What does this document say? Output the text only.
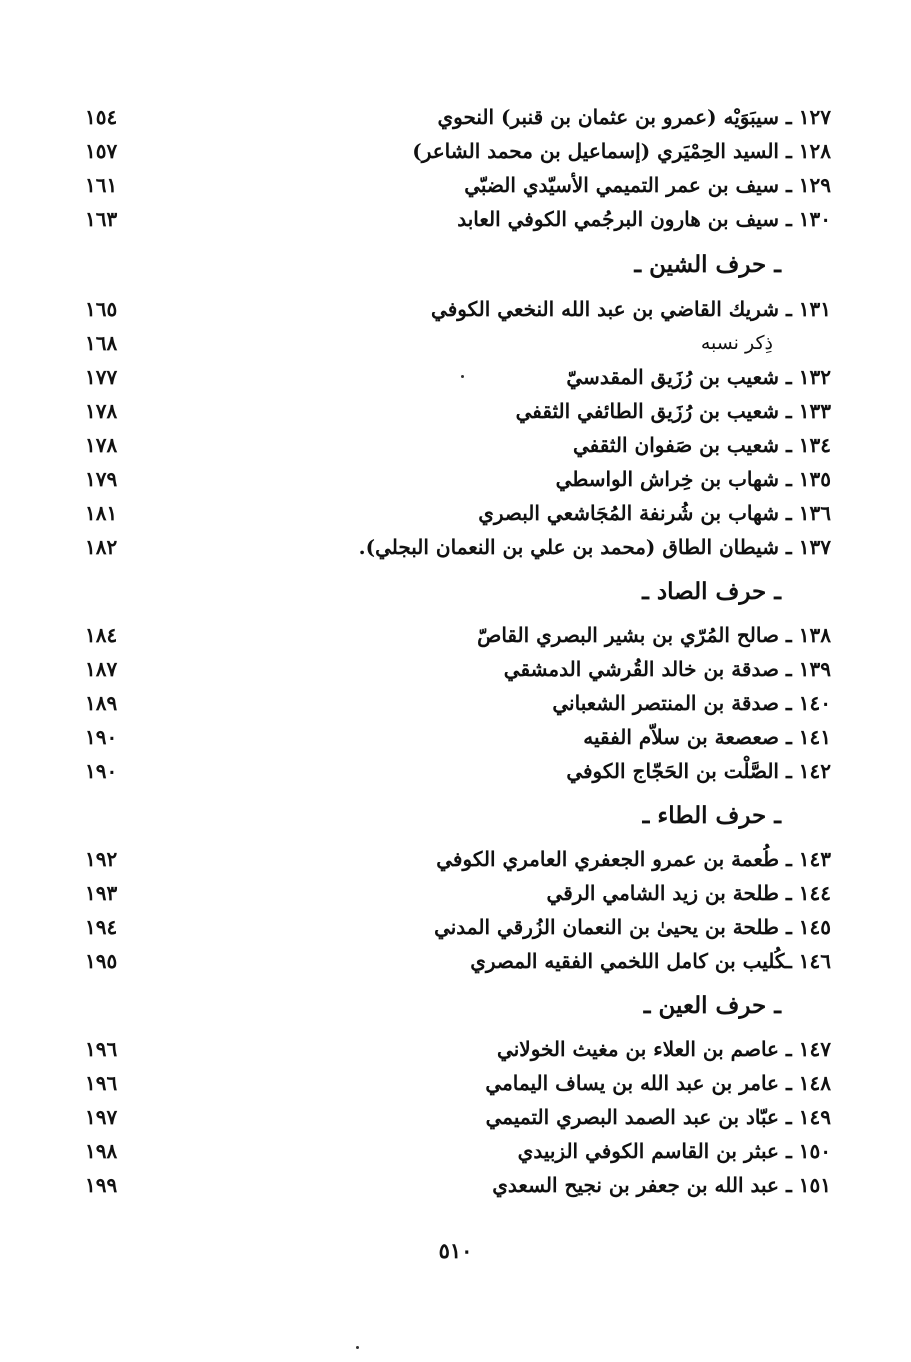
١٢٧ ـ سيبَوَيْه (عمرو بن عثمان بن قنبر) النحوي
١٥٤
١٢٨ ـ السيد الحِمْيَري (إسماعيل بن محمد الشاعر)
١٥٧
١٢٩ ـ سيف بن عمر التميمي الأسيّدي الضبّي
١٦١
١٣٠ ـ سيف بن هارون البرجُمي الكوفي العابد
١٦٣
ـ حرف الشين ـ
١٣١ ـ شريك القاضي بن عبد الله النخعي الكوفي
١٦٥
ذِكر نسبه
١٦٨
١٣٢ ـ شعيب بن رُزَيق المقدسيّ
١٧٧
١٣٣ ـ شعيب بن رُزَيق الطائفي الثقفي
١٧٨
١٣٤ ـ شعيب بن صَفوان الثقفي
١٧٨
١٣٥ ـ شهاب بن خِراش الواسطي
١٧٩
١٣٦ ـ شهاب بن شُرنفة المُجَاشعي البصري
١٨١
١٣٧ ـ شيطان الطاق (محمد بن علي بن النعمان البجلي).
١٨٢
ـ حرف الصاد ـ
١٣٨ ـ صالح المُرّي بن بشير البصري القاصّ
١٨٤
١٣٩ ـ صدقة بن خالد القُرشي الدمشقي
١٨٧
١٤٠ ـ صدقة بن المنتصر الشعباني
١٨٩
١٤١ ـ صعصعة بن سلاّم الفقيه
١٩٠
١٤٢ ـ الصَّلْت بن الحَجّاج الكوفي
١٩٠
ـ حرف الطاء ـ
١٤٣ ـ طُعمة بن عمرو الجعفري العامري الكوفي
١٩٢
١٤٤ ـ طلحة بن زيد الشامي الرقي
١٩٣
١٤٥ ـ طلحة بن يحيىٰ بن النعمان الزُرقي المدني
١٩٤
١٤٦ ـكُليب بن كامل اللخمي الفقيه المصري
١٩٥
ـ حرف العين ـ
١٤٧ ـ عاصم بن العلاء بن مغيث الخولاني
١٩٦
١٤٨ ـ عامر بن عبد الله بن يساف اليمامي
١٩٦
١٤٩ ـ عبّاد بن عبد الصمد البصري التميمي
١٩٧
١٥٠ ـ عبثر بن القاسم الكوفي الزبيدي
١٩٨
١٥١ ـ عبد الله بن جعفر بن نجيح السعدي
١٩٩
٥١٠
